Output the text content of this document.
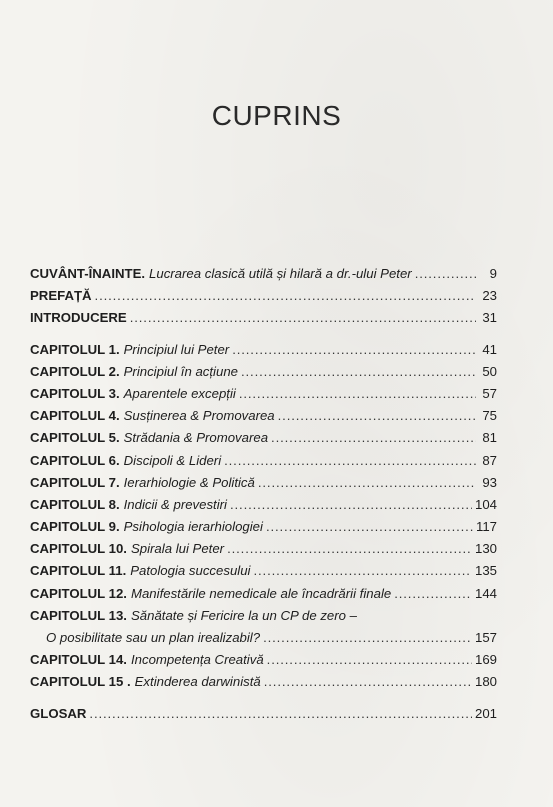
CUPRINS
CUVÂNT-ÎNAINTE. Lucrarea clasică utilă și hilară a dr.-ului Peter . . .	9
PREFAȚĂ . . .	23
INTRODUCERE . . .	31
CAPITOLUL 1. Principiul lui Peter . . .	41
CAPITOLUL 2. Principiul în acțiune . . .	50
CAPITOLUL 3. Aparentele excepții . . .	57
CAPITOLUL 4. Susținerea & Promovarea . . .	75
CAPITOLUL 5. Strădania & Promovarea . . .	81
CAPITOLUL 6. Discipoli & Lideri . . .	87
CAPITOLUL 7. Ierarhiologie & Politică . . .	93
CAPITOLUL 8. Indicii & prevestiri . . .	104
CAPITOLUL 9. Psihologia ierarhiologiei . . .	117
CAPITOLUL 10. Spirala lui Peter . . .	130
CAPITOLUL 11. Patologia succesului . . .	135
CAPITOLUL 12. Manifestările nemedicale ale încadrării finale . . .	144
CAPITOLUL 13. Sănătate și Fericire la un CP de zero –
O posibilitate sau un plan irealizabil? . . .	157
CAPITOLUL 14. Incompetența Creativă . . .	169
CAPITOLUL 15 . Extinderea darwinistă . . .	180
GLOSAR . . .	201
